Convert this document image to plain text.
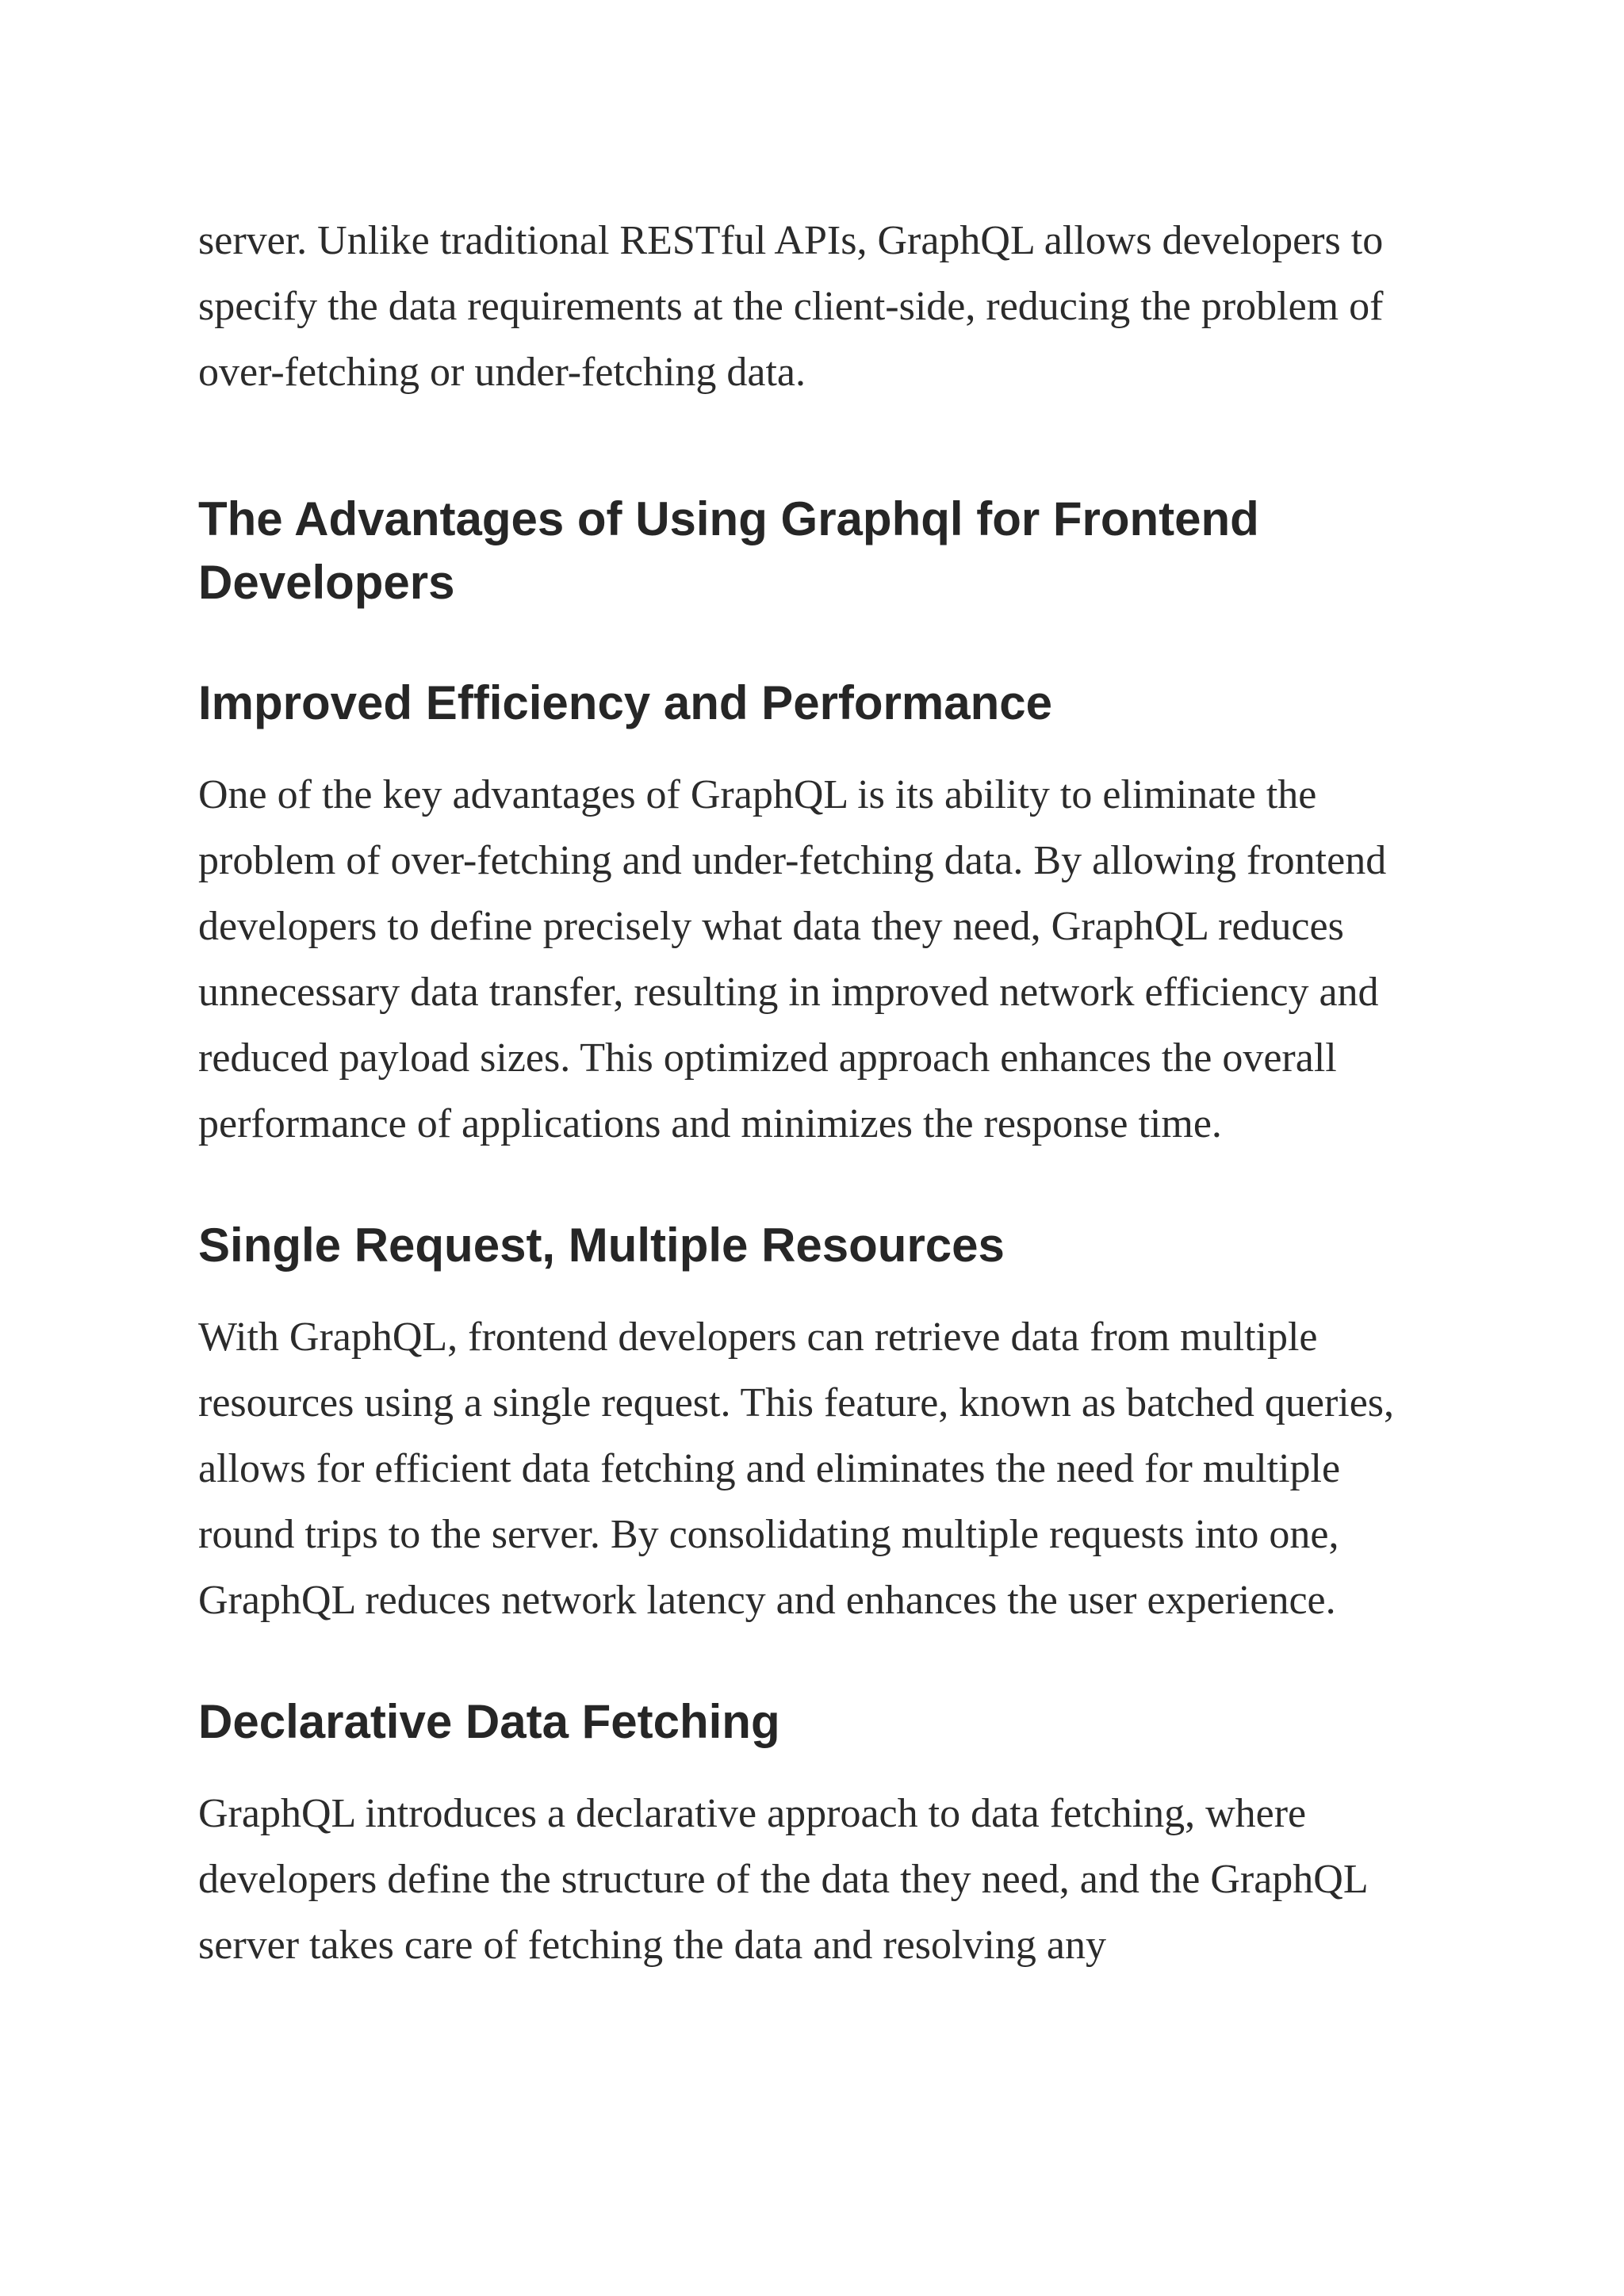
server. Unlike traditional RESTful APIs, GraphQL allows developers to specify the data requirements at the client-side, reducing the problem of over-fetching or under-fetching data.

The Advantages of Using Graphql for Frontend Developers
Improved Efficiency and Performance

One of the key advantages of GraphQL is its ability to eliminate the problem of over-fetching and under-fetching data. By allowing frontend developers to define precisely what data they need, GraphQL reduces unnecessary data transfer, resulting in improved network efficiency and reduced payload sizes. This optimized approach enhances the overall performance of applications and minimizes the response time.

Single Request, Multiple Resources

With GraphQL, frontend developers can retrieve data from multiple resources using a single request. This feature, known as batched queries, allows for efficient data fetching and eliminates the need for multiple round trips to the server. By consolidating multiple requests into one, GraphQL reduces network latency and enhances the user experience.

Declarative Data Fetching

GraphQL introduces a declarative approach to data fetching, where developers define the structure of the data they need, and the GraphQL server takes care of fetching the data and resolving any
